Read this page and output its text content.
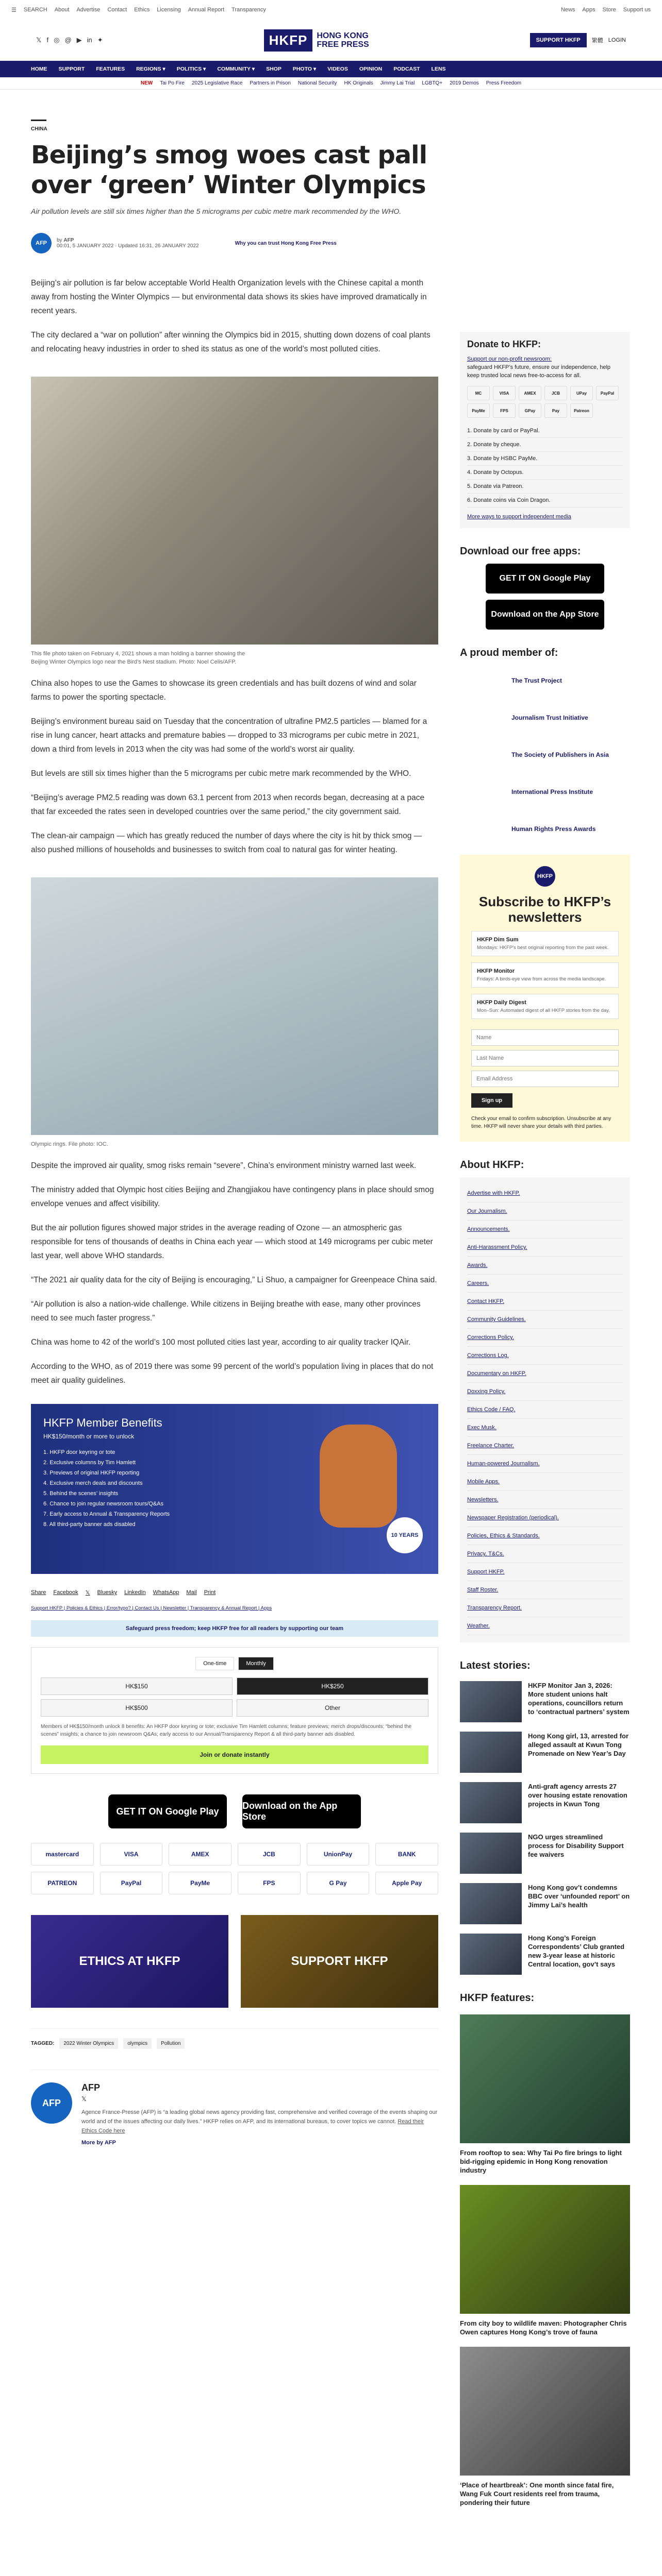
☰ SEARCH About Advertise Contact Ethics Licensing Annual Report Transparency	News Apps Store Support us
𝕏 f ◎ @ ▶ in ✦	HKFP	HONG KONG
FREE PRESS	SUPPORT HKFP	繁體 LOGIN
HOME SUPPORT FEATURES REGIONS ▾ POLITICS ▾ COMMUNITY ▾ SHOP PHOTO ▾ VIDEOS OPINION PODCAST LENS
NEW Tai Po Fire 2025 Legislative Race Partners in Prison National Security HK Originals Jimmy Lai Trial LGBTQ+ 2019 Demos Press Freedom
CHINA
Beijing’s smog woes cast pall over ‘green’ Winter Olympics
Air pollution levels are still six times higher than the 5 micrograms per cubic metre mark recommended by the WHO.
AFP	by AFP
00:01, 5 JANUARY 2022 · Updated 16:31, 26 JANUARY 2022	Why you can trust Hong Kong Free Press
Beijing’s air pollution is far below acceptable World Health Organization levels with the Chinese capital a month away from hosting the Winter Olympics — but environmental data shows its skies have improved dramatically in recent years.
The city declared a “war on pollution” after winning the Olympics bid in 2015, shutting down dozens of coal plants and relocating heavy industries in order to shed its status as one of the world’s most polluted cities.
This file photo taken on February 4, 2021 shows a man holding a banner showing the Beijing Winter Olympics logo near the Bird’s Nest stadium. Photo: Noel Celis/AFP.
China also hopes to use the Games to showcase its green credentials and has built dozens of wind and solar farms to power the sporting spectacle.
Beijing’s environment bureau said on Tuesday that the concentration of ultrafine PM2.5 particles — blamed for a rise in lung cancer, heart attacks and premature babies — dropped to 33 micrograms per cubic metre in 2021, down a third from levels in 2013 when the city was had some of the world’s worst air quality.
But levels are still six times higher than the 5 micrograms per cubic metre mark recommended by the WHO.
“Beijing’s average PM2.5 reading was down 63.1 percent from 2013 when records began, decreasing at a pace that far exceeded the rates seen in developed countries over the same period,” the city government said.
The clean-air campaign — which has greatly reduced the number of days where the city is hit by thick smog — also pushed millions of households and businesses to switch from coal to natural gas for winter heating.
Olympic rings. File photo: IOC.
Despite the improved air quality, smog risks remain “severe”, China’s environment ministry warned last week.
The ministry added that Olympic host cities Beijing and Zhangjiakou have contingency plans in place should smog envelope venues and affect visibility.
But the air pollution figures showed major strides in the average reading of Ozone — an atmospheric gas responsible for tens of thousands of deaths in China each year — which stood at 149 micrograms per cubic meter last year, well above WHO standards.
“The 2021 air quality data for the city of Beijing is encouraging,” Li Shuo, a campaigner for Greenpeace China said.
“Air pollution is also a nation-wide challenge. While citizens in Beijing breathe with ease, many other provinces need to see much faster progress.”
China was home to 42 of the world’s 100 most polluted cities last year, according to air quality tracker IQAir.
According to the WHO, as of 2019 there was some 99 percent of the world’s population living in places that do not meet air quality guidelines.
HKFP Member Benefits
HK$150/month or more to unlock
1. HKFP door keyring or tote
2. Exclusive columns by Tim Hamlett
3. Previews of original HKFP reporting
4. Exclusive merch deals and discounts
5. Behind the scenes’ insights
6. Chance to join regular newsroom tours/Q&As
7. Early access to Annual & Transparency Reports
8. All third-party banner ads disabled
10 YEARS
Share Facebook 𝕏 Bluesky LinkedIn WhatsApp Mail Print
Support HKFP | Policies & Ethics | Error/typo? | Contact Us | Newsletter | Transparency & Annual Report | Apps
Safeguard press freedom; keep HKFP free for all readers by supporting our team
One-time	Monthly
HK$150	HK$250
HK$500	Other
Members of HK$150/month unlock 8 benefits: An HKFP door keyring or tote; exclusive Tim Hamlett columns; feature previews; merch drops/discounts; “behind the scenes” insights; a chance to join newsroom Q&As; early access to our Annual/Transparency Report & all third-party banner ads disabled.
Join or donate instantly
GET IT ON Google Play
Download on the App Store
mastercard	VISA	AMEX	JCB	UnionPay	BANK
PATREON	PayPal	PayMe	FPS	G Pay	Apple Pay
ETHICS AT HKFP	SUPPORT HKFP
TAGGED:	2022 Winter Olympics	olympics	Pollution
AFP
AFP
𝕏

Agence France-Presse (AFP) is “a leading global news agency providing fast, comprehensive and verified coverage of the events shaping our world and of the issues affecting our daily lives.” HKFP relies on AFP, and its international bureaus, to cover topics we cannot. Read their Ethics Code here

More by AFP
Donate to HKFP:
Support our non-profit newsroom:
safeguard HKFP’s future, ensure our independence, help keep trusted local news free-to-access for all.
MC	VISA	AMEX	JCB	UPay	PayPal
PayMe	FPS	GPay	Pay	Patreon
1. Donate by card or PayPal.
2. Donate by cheque.
3. Donate by HSBC PayMe.
4. Donate by Octopus.
5. Donate via Patreon.
6. Donate coins via Coin Dragon.
More ways to support independent media
Download our free apps:
GET IT ON Google Play
Download on the App Store
A proud member of:
The Trust Project
Journalism Trust Initiative
The Society of Publishers in Asia
International Press Institute
Human Rights Press Awards
HKFP
Subscribe to HKFP’s newsletters
HKFP Dim Sum
Mondays: HKFP’s best original reporting from the past week.
HKFP Monitor
Fridays: A birds-eye view from across the media landscape.
HKFP Daily Digest
Mon–Sun: Automated digest of all HKFP stories from the day.
Name
Last Name
Email Address
Sign up
Check your email to confirm subscription. Unsubscribe at any time. HKFP will never share your details with third parties.
About HKFP:
Advertise with HKFP.
Our Journalism.
Announcements.
Anti-Harassment Policy.
Awards.
Careers.
Contact HKFP.
Community Guidelines.
Corrections Policy.
Corrections Log.
Documentary on HKFP.
Doxxing Policy.
Ethics Code / FAQ.
Exec Musk.
Freelance Charter.
Human-powered Journalism.
Mobile Apps.
Newsletters.
Newspaper Registration (periodical).
Policies, Ethics & Standards.
Privacy, T&Cs.
Support HKFP.
Staff Roster.
Transparency Report.
Weather.
Latest stories:

HKFP Monitor Jan 3, 2026: More student unions halt operations, councillors return to ‘contractual partners’ system

Hong Kong girl, 13, arrested for alleged assault at Kwun Tong Promenade on New Year’s Day

Anti-graft agency arrests 27 over housing estate renovation projects in Kwun Tong

NGO urges streamlined process for Disability Support fee waivers

Hong Kong gov’t condemns BBC over ‘unfounded report’ on Jimmy Lai’s health

Hong Kong’s Foreign Correspondents’ Club granted new 3-year lease at historic Central location, gov’t says

HKFP features:

From rooftop to sea: Why Tai Po fire brings to light bid-rigging epidemic in Hong Kong renovation industry

From city boy to wildlife maven: Photographer Chris Owen captures Hong Kong’s trove of fauna

‘Place of heartbreak’: One month since fatal fire, Wang Fuk Court residents reel from trauma, pondering their future
